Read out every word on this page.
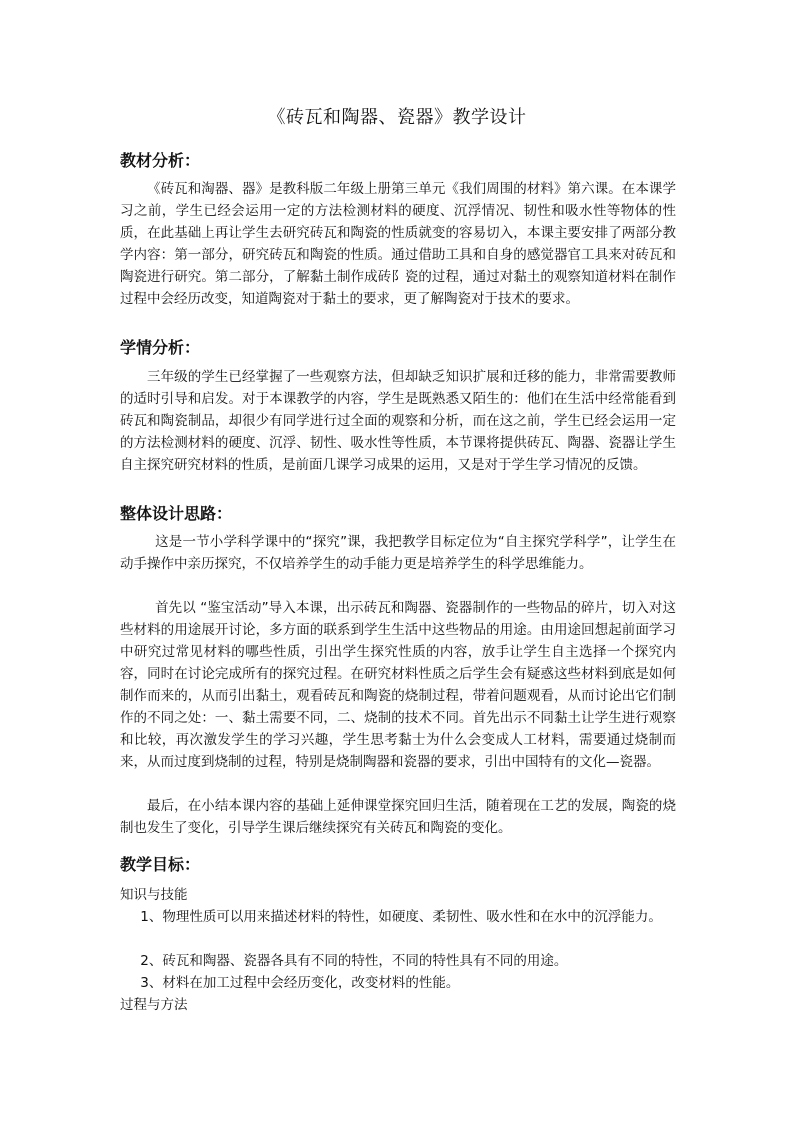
《砖瓦和陶器、瓷器》教学设计
教材分析：
《砖瓦和淘器、器》是教科版二年级上册第三单元《我们周围的材料》第六课。在本课学习之前，学生已经会运用一定的方法检测材料的硬度、沉浮情况、韧性和吸水性等物体的性质，在此基础上再让学生去研究砖瓦和陶瓷的性质就变的容易切入，本课主要安排了两部分教学内容：第一部分，研究砖瓦和陶瓷的性质。通过借助工具和自身的感觉器官工具来对砖瓦和陶瓷进行研究。第二部分，了解黏土制作成砖阝瓷的过程，通过对黏土的观察知道材料在制作过程中会经历改变，知道陶瓷对于黏土的要求，更了解陶瓷对于技术的要求。
学情分析：
三年级的学生已经掌握了一些观察方法，但却缺乏知识扩展和迁移的能力，非常需要教师的适时引导和启发。对于本课教学的内容，学生是既熟悉又陌生的：他们在生活中经常能看到砖瓦和陶瓷制品，却很少有同学进行过全面的观察和分析，而在这之前，学生已经会运用一定的方法检测材料的硬度、沉浮、韧性、吸水性等性质，本节课将提供砖瓦、陶器、瓷器让学生自主探究研究材料的性质，是前面几课学习成果的运用，又是对于学生学习情况的反馈。
整体设计思路：
这是一节小学科学课中的“探究”课，我把教学目标定位为“自主探究学科学”，让学生在动手操作中亲历探究，不仅培养学生的动手能力更是培养学生的科学思维能力。
首先以 “鉴宝活动”导入本课，出示砖瓦和陶器、瓷器制作的一些物品的碎片，切入对这些材料的用途展开讨论，多方面的联系到学生生活中这些物品的用途。由用途回想起前面学习中研究过常见材料的哪些性质，引出学生探究性质的内容，放手让学生自主选择一个探究内容，同时在讨论完成所有的探究过程。在研究材料性质之后学生会有疑惑这些材料到底是如何制作而来的，从而引出黏土，观看砖瓦和陶瓷的烧制过程，带着问题观看，从而讨论出它们制作的不同之处：一、黏土需要不同，二、烧制的技术不同。首先出示不同黏土让学生进行观察和比较，再次激发学生的学习兴趣，学生思考黏士为什么会变成人工材料，需要通过烧制而来，从而过度到烧制的过程，特别是烧制陶器和瓷器的要求，引出中国特有的文化—瓷器。
最后，在小结本课内容的基础上延伸课堂探究回归生活，随着现在工艺的发展，陶瓷的烧制也发生了变化，引导学生课后继续探究有关砖瓦和陶瓷的变化。
教学目标：
知识与技能
1、物理性质可以用来描述材料的特性，如硬度、柔韧性、吸水性和在水中的沉浮能力。
2、砖瓦和陶器、瓷器各具有不同的特性，不同的特性具有不同的用途。
3、材料在加工过程中会经历变化，改变材料的性能。
过程与方法
